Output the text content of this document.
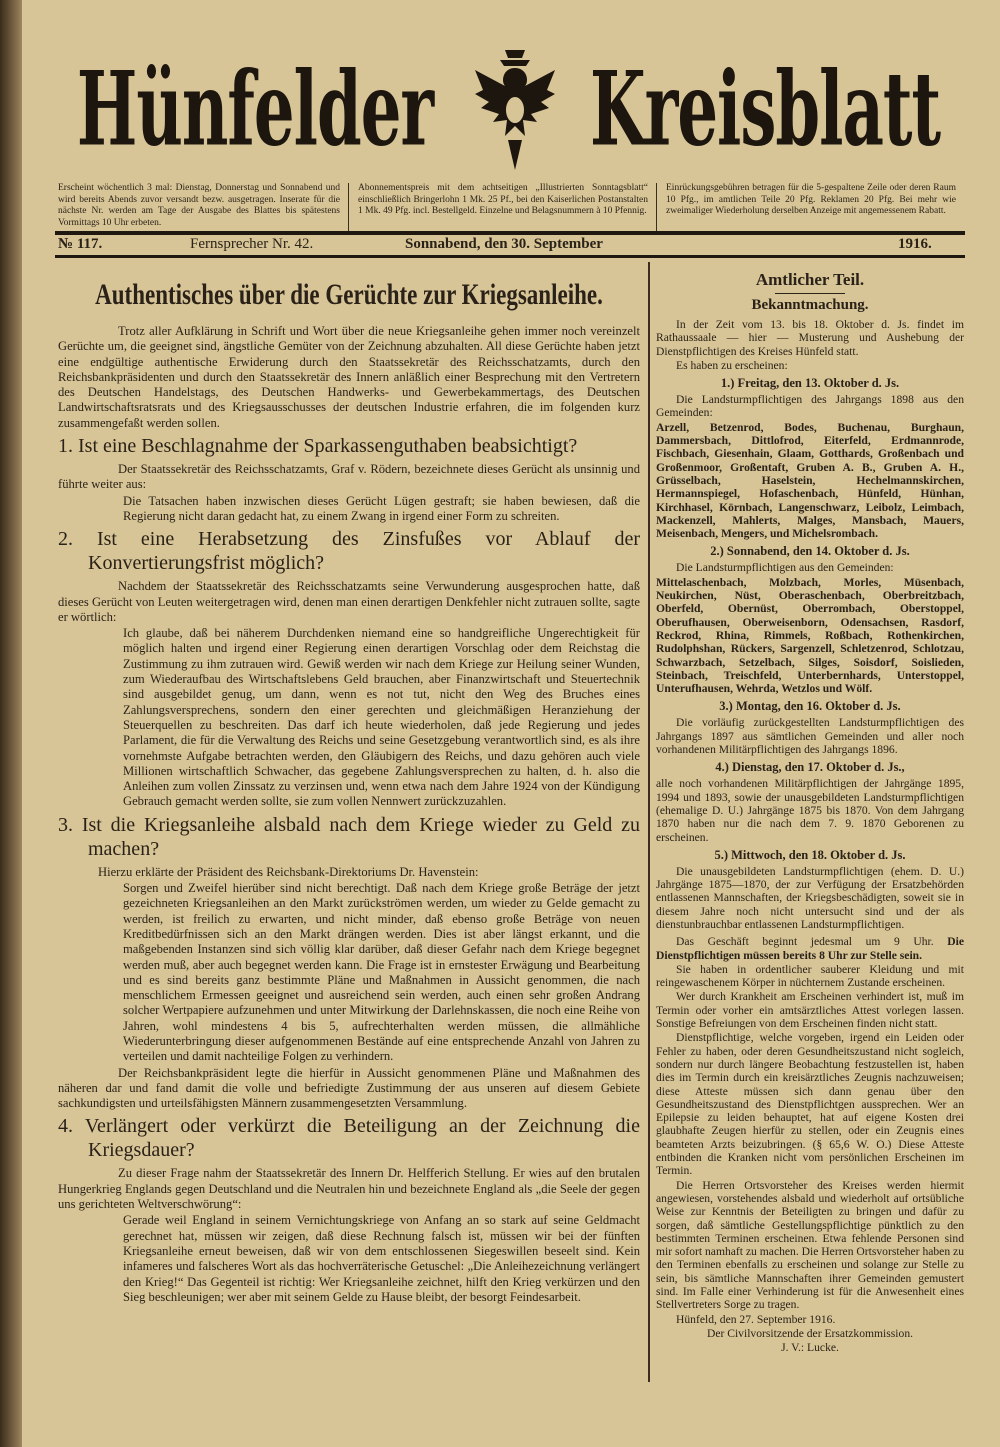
Hünfelder	Kreisblatt
Erscheint wöchentlich 3 mal: Dienstag, Donnerstag und Sonnabend und wird bereits Abends zuvor versandt bezw. ausgetragen. Inserate für die nächste Nr. werden am Tage der Ausgabe des Blattes bis spätestens Vormittags 10 Uhr erbeten.
Abonnementspreis mit dem achtseitigen „Illustrierten Sonntagsblatt“ einschließlich Bringerlohn 1 Mk. 25 Pf., bei den Kaiserlichen Postanstalten 1 Mk. 49 Pfg. incl. Bestellgeld. Einzelne und Belagsnummern à 10 Pfennig.
Einrückungsgebühren betragen für die 5-gespaltene Zeile oder deren Raum 10 Pfg., im amtlichen Teile 20 Pfg. Reklamen 20 Pfg. Bei mehr wie zweimaliger Wiederholung derselben Anzeige mit angemessenem Rabatt.
№ 117.	Fernsprecher Nr. 42.	Sonnabend, den 30. September	1916.
Authentisches über die Gerüchte zur Kriegsanleihe.

Trotz aller Aufklärung in Schrift und Wort über die neue Kriegsanleihe gehen immer noch vereinzelt Gerüchte um, die geeignet sind, ängstliche Gemüter von der Zeichnung abzuhalten. All diese Gerüchte haben jetzt eine endgültige authentische Erwiderung durch den Staatssekretär des Reichsschatzamts, durch den Reichsbankpräsidenten und durch den Staatssekretär des Innern anläßlich einer Besprechung mit den Vertretern des Deutschen Handelstags, des Deutschen Handwerks- und Gewerbekammertags, des Deutschen Landwirtschaftsratsrats und des Kriegsausschusses der deutschen Industrie erfahren, die im folgenden kurz zusammengefaßt werden sollen.

1. Ist eine Beschlagnahme der Sparkassenguthaben beabsichtigt?

Der Staatssekretär des Reichsschatzamts, Graf v. Rödern, bezeichnete dieses Gerücht als unsinnig und führte weiter aus:

Die Tatsachen haben inzwischen dieses Gerücht Lügen gestraft; sie haben bewiesen, daß die Regierung nicht daran gedacht hat, zu einem Zwang in irgend einer Form zu schreiten.

2. Ist eine Herabsetzung des Zinsfußes vor Ablauf der Konvertierungsfrist möglich?

Nachdem der Staatssekretär des Reichsschatzamts seine Verwunderung ausgesprochen hatte, daß dieses Gerücht von Leuten weitergetragen wird, denen man einen derartigen Denkfehler nicht zutrauen sollte, sagte er wörtlich:

Ich glaube, daß bei näherem Durchdenken niemand eine so handgreifliche Ungerechtigkeit für möglich halten und irgend einer Regierung einen derartigen Vorschlag oder dem Reichstag die Zustimmung zu ihm zutrauen wird. Gewiß werden wir nach dem Kriege zur Heilung seiner Wunden, zum Wiederaufbau des Wirtschaftslebens Geld brauchen, aber Finanzwirtschaft und Steuertechnik sind ausgebildet genug, um dann, wenn es not tut, nicht den Weg des Bruches eines Zahlungsversprechens, sondern den einer gerechten und gleichmäßigen Heranziehung der Steuerquellen zu beschreiten. Das darf ich heute wiederholen, daß jede Regierung und jedes Parlament, die für die Verwaltung des Reichs und seine Gesetzgebung verantwortlich sind, es als ihre vornehmste Aufgabe betrachten werden, den Gläubigern des Reichs, und dazu gehören auch viele Millionen wirtschaftlich Schwacher, das gegebene Zahlungsversprechen zu halten, d. h. also die Anleihen zum vollen Zinssatz zu verzinsen und, wenn etwa nach dem Jahre 1924 von der Kündigung Gebrauch gemacht werden sollte, sie zum vollen Nennwert zurückzuzahlen.

3. Ist die Kriegsanleihe alsbald nach dem Kriege wieder zu Geld zu machen?

Hierzu erklärte der Präsident des Reichsbank-Direktoriums Dr. Havenstein:

Sorgen und Zweifel hierüber sind nicht berechtigt. Daß nach dem Kriege große Beträge der jetzt gezeichneten Kriegsanleihen an den Markt zurückströmen werden, um wieder zu Gelde gemacht zu werden, ist freilich zu erwarten, und nicht minder, daß ebenso große Beträge von neuen Kreditbedürfnissen sich an den Markt drängen werden. Dies ist aber längst erkannt, und die maßgebenden Instanzen sind sich völlig klar darüber, daß dieser Gefahr nach dem Kriege begegnet werden muß, aber auch begegnet werden kann. Die Frage ist in ernstester Erwägung und Bearbeitung und es sind bereits ganz bestimmte Pläne und Maßnahmen in Aussicht genommen, die nach menschlichem Ermessen geeignet und ausreichend sein werden, auch einen sehr großen Andrang solcher Wertpapiere aufzunehmen und unter Mitwirkung der Darlehnskassen, die noch eine Reihe von Jahren, wohl mindestens 4 bis 5, aufrechterhalten werden müssen, die allmähliche Wiederunterbringung dieser aufgenommenen Bestände auf eine entsprechende Anzahl von Jahren zu verteilen und damit nachteilige Folgen zu verhindern.

Der Reichsbankpräsident legte die hierfür in Aussicht genommenen Pläne und Maßnahmen des näheren dar und fand damit die volle und befriedigte Zustimmung der aus unseren auf diesem Gebiete sachkundigsten und urteilsfähigsten Männern zusammengesetzten Versammlung.

4. Verlängert oder verkürzt die Beteiligung an der Zeichnung die Kriegsdauer?

Zu dieser Frage nahm der Staatssekretär des Innern Dr. Helfferich Stellung. Er wies auf den brutalen Hungerkrieg Englands gegen Deutschland und die Neutralen hin und bezeichnete England als „die Seele der gegen uns gerichteten Weltverschwörung“:

Gerade weil England in seinem Vernichtungskriege von Anfang an so stark auf seine Geldmacht gerechnet hat, müssen wir zeigen, daß diese Rechnung falsch ist, müssen wir bei der fünften Kriegsanleihe erneut beweisen, daß wir von dem entschlossenen Siegeswillen beseelt sind. Kein infameres und falscheres Wort als das hochverräterische Getuschel: „Die Anleihezeichnung verlängert den Krieg!“ Das Gegenteil ist richtig: Wer Kriegsanleihe zeichnet, hilft den Krieg verkürzen und den Sieg beschleunigen; wer aber mit seinem Gelde zu Hause bleibt, der besorgt Feindesarbeit.

Amtlicher Teil.
Bekanntmachung.

In der Zeit vom 13. bis 18. Oktober d. Js. findet im Rathaussaale — hier — Musterung und Aushebung der Dienstpflichtigen des Kreises Hünfeld statt.

Es haben zu erscheinen:

1.) Freitag, den 13. Oktober d. Js.

Die Landsturmpflichtigen des Jahrgangs 1898 aus den Gemeinden:

Arzell, Betzenrod, Bodes, Buchenau, Burghaun, Dammersbach, Dittlofrod, Eiterfeld, Erdmannrode, Fischbach, Giesenhain, Glaam, Gotthards, Großenbach und Großenmoor, Großentaft, Gruben A. B., Gruben A. H., Grüsselbach, Haselstein, Hechelmannskirchen, Hermannspiegel, Hofaschenbach, Hünfeld, Hünhan, Kirchhasel, Körnbach, Langenschwarz, Leibolz, Leimbach, Mackenzell, Mahlerts, Malges, Mansbach, Mauers, Meisenbach, Mengers, und Michelsrombach.

2.) Sonnabend, den 14. Oktober d. Js.

Die Landsturmpflichtigen aus den Gemeinden:

Mittelaschenbach, Molzbach, Morles, Müsenbach, Neukirchen, Nüst, Oberaschenbach, Oberbreitzbach, Oberfeld, Obernüst, Oberrombach, Oberstoppel, Oberufhausen, Oberweisenborn, Odensachsen, Rasdorf, Reckrod, Rhina, Rimmels, Roßbach, Rothenkirchen, Rudolphshan, Rückers, Sargenzell, Schletzenrod, Schlotzau, Schwarzbach, Setzelbach, Silges, Soisdorf, Soislieden, Steinbach, Treischfeld, Unterbernhards, Unterstoppel, Unterufhausen, Wehrda, Wetzlos und Wölf.

3.) Montag, den 16. Oktober d. Js.

Die vorläufig zurückgestellten Landsturmpflichtigen des Jahrgangs 1897 aus sämtlichen Gemeinden und aller noch vorhandenen Militärpflichtigen des Jahrgangs 1896.

4.) Dienstag, den 17. Oktober d. Js.,

alle noch vorhandenen Militärpflichtigen der Jahrgänge 1895, 1994 und 1893, sowie der unausgebildeten Landsturmpflichtigen (ehemalige D. U.) Jahrgänge 1875 bis 1870. Von dem Jahrgang 1870 haben nur die nach dem 7. 9. 1870 Geborenen zu erscheinen.

5.) Mittwoch, den 18. Oktober d. Js.

Die unausgebildeten Landsturmpflichtigen (ehem. D. U.) Jahrgänge 1875—1870, der zur Verfügung der Ersatzbehörden entlassenen Mannschaften, der Kriegsbeschädigten, soweit sie in diesem Jahre noch nicht untersucht sind und der als dienstunbrauchbar entlassenen Landsturmpflichtigen.

Das Geschäft beginnt jedesmal um 9 Uhr. Die Dienstpflichtigen müssen bereits 8 Uhr zur Stelle sein.

Sie haben in ordentlicher sauberer Kleidung und mit reingewaschenem Körper in nüchternem Zustande erscheinen.

Wer durch Krankheit am Erscheinen verhindert ist, muß im Termin oder vorher ein amtsärztliches Attest vorlegen lassen. Sonstige Befreiungen von dem Erscheinen finden nicht statt.

Dienstpflichtige, welche vorgeben, irgend ein Leiden oder Fehler zu haben, oder deren Gesundheitszustand nicht sogleich, sondern nur durch längere Beobachtung festzustellen ist, haben dies im Termin durch ein kreisärztliches Zeugnis nachzuweisen; diese Atteste müssen sich dann genau über den Gesundheitszustand des Dienstpflichtgen aussprechen. Wer an Epilepsie zu leiden behauptet, hat auf eigene Kosten drei glaubhafte Zeugen hierfür zu stellen, oder ein Zeugnis eines beamteten Arzts beizubringen. (§ 65,6 W. O.) Diese Atteste entbinden die Kranken nicht vom persönlichen Erscheinen im Termin.

Die Herren Ortsvorsteher des Kreises werden hiermit angewiesen, vorstehendes alsbald und wiederholt auf ortsübliche Weise zur Kenntnis der Beteiligten zu bringen und dafür zu sorgen, daß sämtliche Gestellungspflichtige pünktlich zu den bestimmten Terminen erscheinen. Etwa fehlende Personen sind mir sofort namhaft zu machen. Die Herren Ortsvorsteher haben zu den Terminen ebenfalls zu erscheinen und solange zur Stelle zu sein, bis sämtliche Mannschaften ihrer Gemeinden gemustert sind. Im Falle einer Verhinderung ist für die Anwesenheit eines Stellvertreters Sorge zu tragen.

Hünfeld, den 27. September 1916.

Der Civilvorsitzende der Ersatzkommission.

J. V.: Lucke.
